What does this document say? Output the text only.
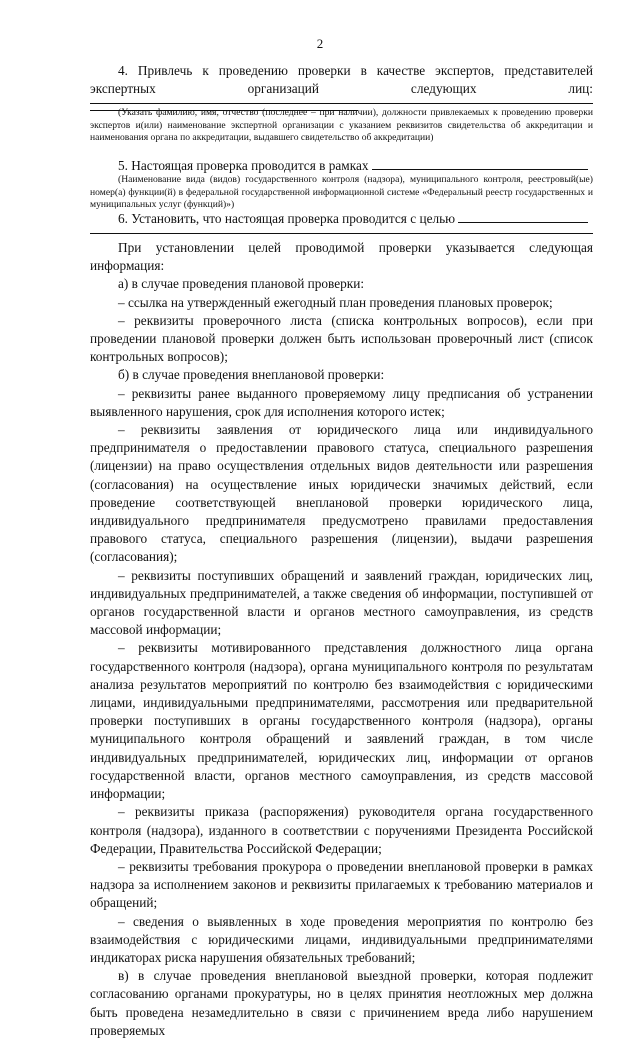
2

4. Привлечь к проведению проверки в качестве экспертов, представителей экспертных организаций следующих лиц:

(Указать фамилию, имя, отчество (последнее – при наличии), должности привлекаемых к проведению проверки экспертов и(или) наименование экспертной организации с указанием реквизитов свидетельства об аккредитации и наименования органа по аккредитации, выдавшего свидетельство об аккредитации)

5. Настоящая проверка проводится в рамках

(Наименование вида (видов) государственного контроля (надзора), муниципального контроля, реестровый(ые) номер(а) функции(й) в федеральной государственной информационной системе «Федеральный реестр государственных и муниципальных услуг (функций)»)

6. Установить, что настоящая проверка проводится с целью

При установлении целей проводимой проверки указывается следующая информация:

а) в случае проведения плановой проверки:

– ссылка на утвержденный ежегодный план проведения плановых проверок;

– реквизиты проверочного листа (списка контрольных вопросов), если при проведении плановой проверки должен быть использован проверочный лист (список контрольных вопросов);

б) в случае проведения внеплановой проверки:

– реквизиты ранее выданного проверяемому лицу предписания об устранении выявленного нарушения, срок для исполнения которого истек;

– реквизиты заявления от юридического лица или индивидуального предпринимателя о предоставлении правового статуса, специального разрешения (лицензии) на право осуществления отдельных видов деятельности или разрешения (согласования) на осуществление иных юридически значимых действий, если проведение соответствующей внеплановой проверки юридического лица, индивидуального предпринимателя предусмотрено правилами предоставления правового статуса, специального разрешения (лицензии), выдачи разрешения (согласования);

– реквизиты поступивших обращений и заявлений граждан, юридических лиц, индивидуальных предпринимателей, а также сведения об информации, поступившей от органов государственной власти и органов местного самоуправления, из средств массовой информации;

– реквизиты мотивированного представления должностного лица органа государственного контроля (надзора), органа муниципального контроля по результатам анализа результатов мероприятий по контролю без взаимодействия с юридическими лицами, индивидуальными предпринимателями, рассмотрения или предварительной проверки поступивших в органы государственного контроля (надзора), органы муниципального контроля обращений и заявлений граждан, в том числе индивидуальных предпринимателей, юридических лиц, информации от органов государственной власти, органов местного самоуправления, из средств массовой информации;

– реквизиты приказа (распоряжения) руководителя органа государственного контроля (надзора), изданного в соответствии с поручениями Президента Российской Федерации, Правительства Российской Федерации;

– реквизиты требования прокурора о проведении внеплановой проверки в рамках надзора за исполнением законов и реквизиты прилагаемых к требованию материалов и обращений;

– сведения о выявленных в ходе проведения мероприятия по контролю без взаимодействия с юридическими лицами, индивидуальными предпринимателями индикаторах риска нарушения обязательных требований;

в) в случае проведения внеплановой выездной проверки, которая подлежит согласованию органами прокуратуры, но в целях принятия неотложных мер должна быть проведена незамедлительно в связи с причинением вреда либо нарушением проверяемых
